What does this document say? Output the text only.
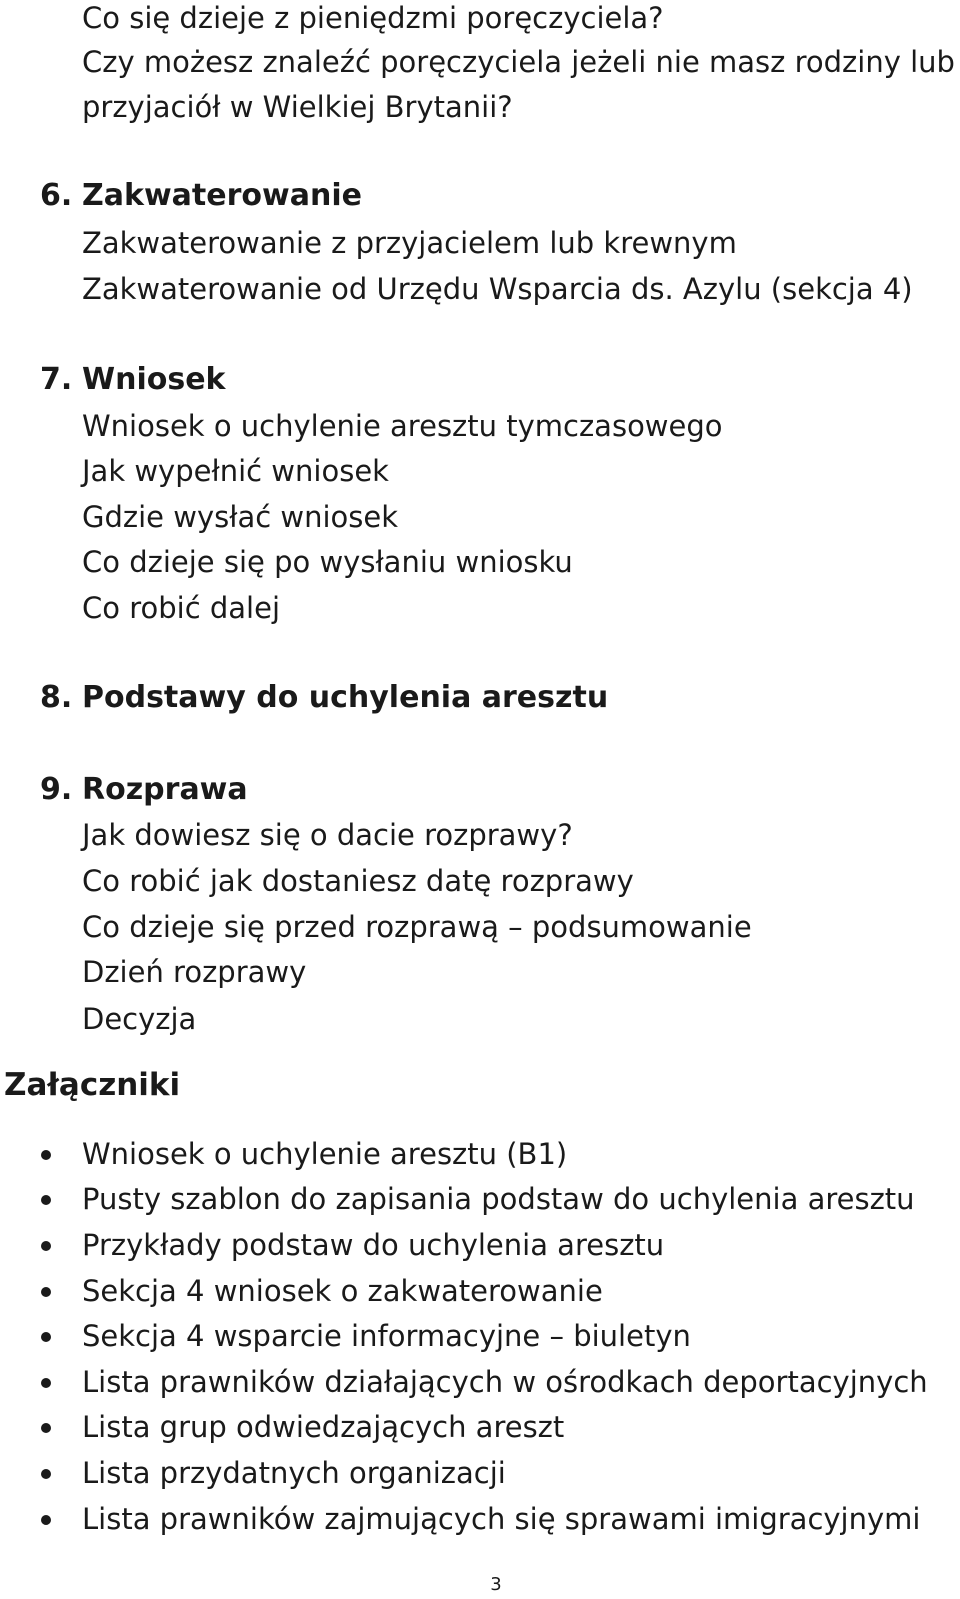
Co się dzieje z pieniędzmi poręczyciela?
Czy możesz znaleźć poręczyciela jeżeli nie masz rodziny lub
przyjaciół w Wielkiej Brytanii?
6. Zakwaterowanie
Zakwaterowanie z przyjacielem lub krewnym
Zakwaterowanie od Urzędu Wsparcia ds. Azylu (sekcja 4)
7. Wniosek
Wniosek o uchylenie aresztu tymczasowego
Jak wypełnić wniosek
Gdzie wysłać wniosek
Co dzieje się po wysłaniu wniosku
Co robić dalej
8. Podstawy do uchylenia aresztu
9. Rozprawa
Jak dowiesz się o dacie rozprawy?
Co robić jak dostaniesz datę rozprawy
Co dzieje się przed rozprawą – podsumowanie
Dzień rozprawy
Decyzja
Załączniki
Wniosek o uchylenie aresztu (B1)
Pusty szablon do zapisania podstaw do uchylenia aresztu
Przykłady podstaw do uchylenia aresztu
Sekcja 4 wniosek o zakwaterowanie
Sekcja 4 wsparcie informacyjne – biuletyn
Lista prawników działających w ośrodkach deportacyjnych
Lista grup odwiedzających areszt
Lista przydatnych organizacji
Lista prawników zajmujących się sprawami imigracyjnymi
3
